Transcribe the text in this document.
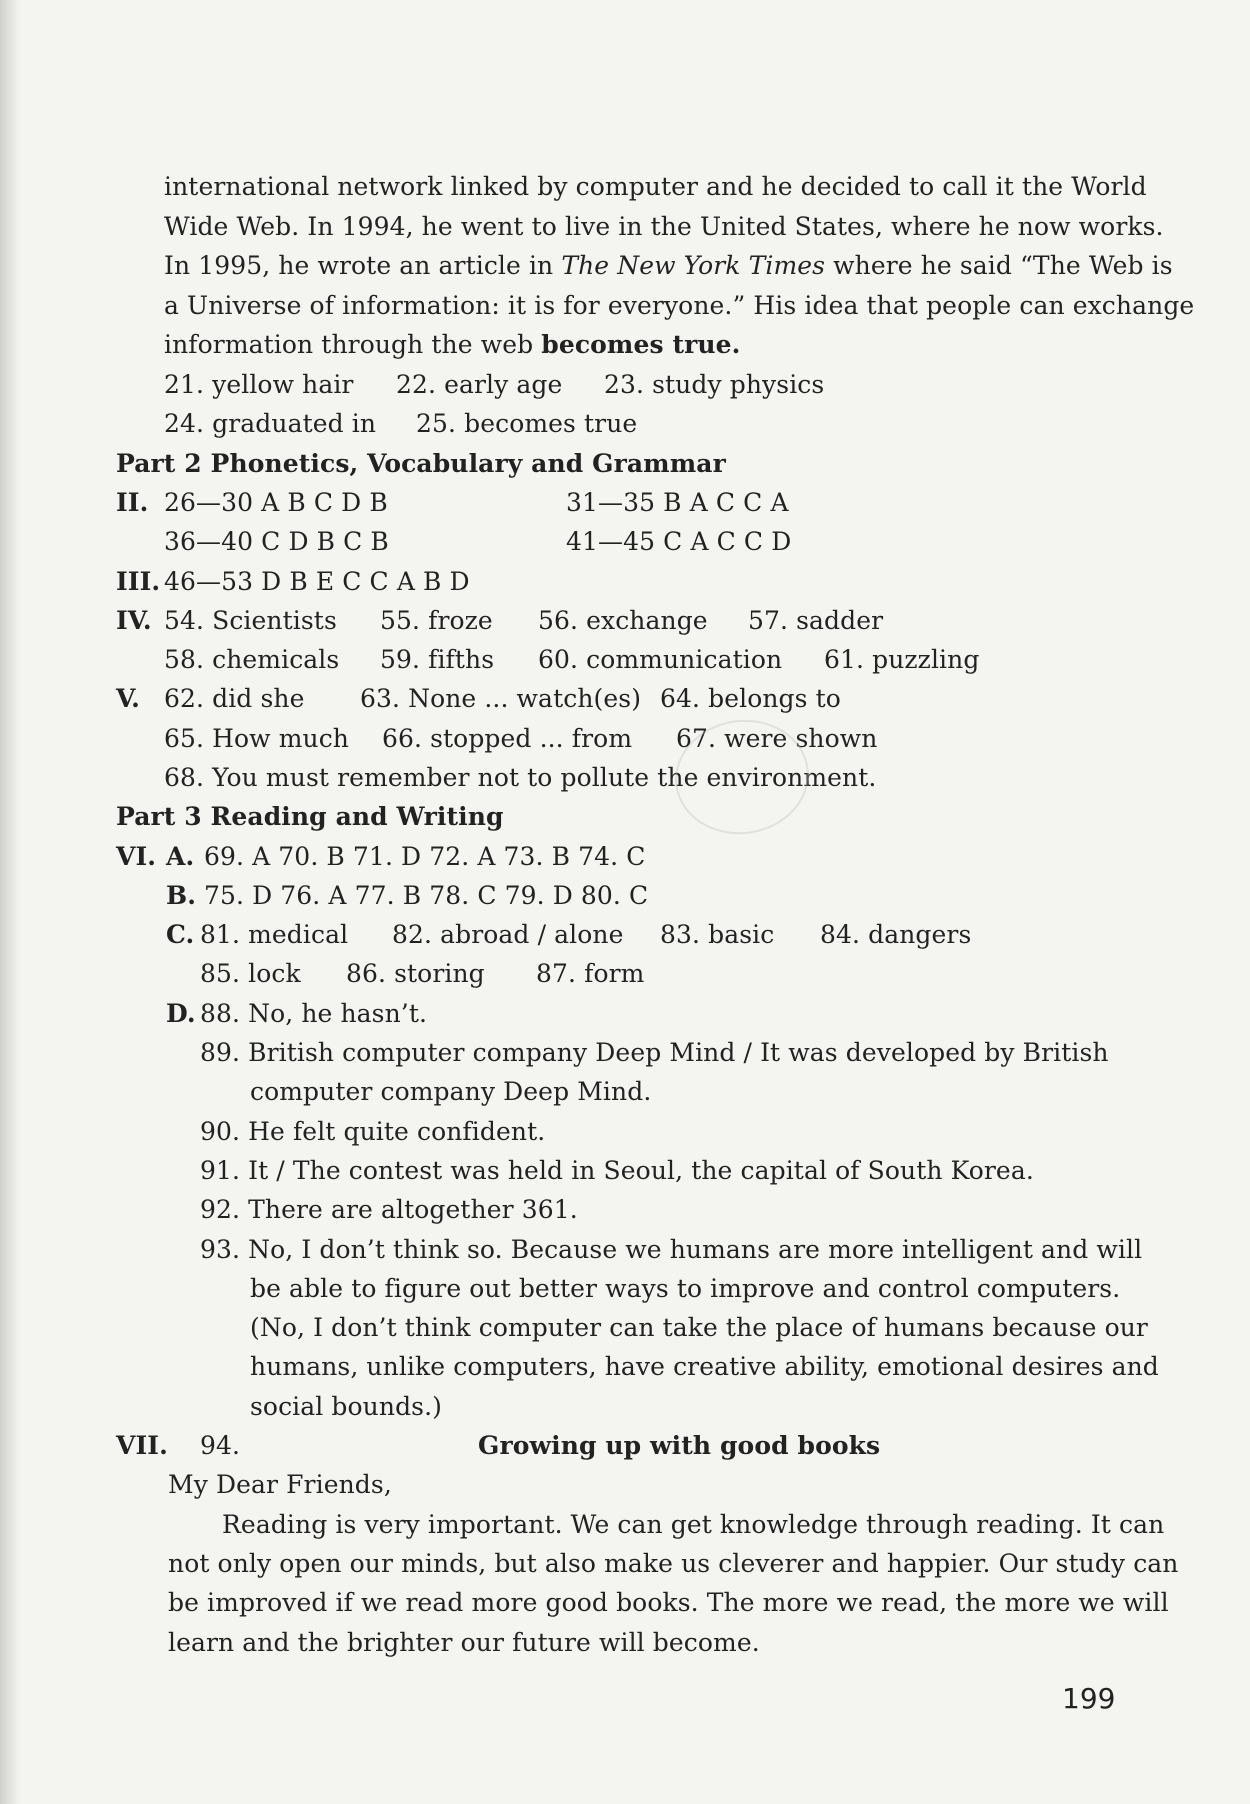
international network linked by computer and he decided to call it the World
Wide Web. In 1994, he went to live in the United States, where he now works.
In 1995, he wrote an article in The New York Times where he said “The Web is
a Universe of information: it is for everyone.” His idea that people can exchange
information through the web becomes true.
21. yellow hair 22. early age 23. study physics
24. graduated in 25. becomes true
Part 2 Phonetics, Vocabulary and Grammar
II. 26—30 A B C D B	31—35 B A C C A
36—40 C D B C B	41—45 C A C C D
III. 46—53 D B E C C A B D
IV. 54. Scientists 55. froze 56. exchange 57. sadder
58. chemicals 59. fifths 60. communication 61. puzzling
V. 62. did she 63. None ... watch(es) 64. belongs to
65. How much 66. stopped ... from 67. were shown
68. You must remember not to pollute the environment.
Part 3 Reading and Writing
VI. A. 69. A 70. B 71. D 72. A 73. B 74. C
B. 75. D 76. A 77. B 78. C 79. D 80. C
C. 81. medical 82. abroad / alone 83. basic 84. dangers
85. lock 86. storing 87. form
D. 88. No, he hasn’t.
89. British computer company Deep Mind / It was developed by British
computer company Deep Mind.
90. He felt quite confident.
91. It / The contest was held in Seoul, the capital of South Korea.
92. There are altogether 361.
93. No, I don’t think so. Because we humans are more intelligent and will
be able to figure out better ways to improve and control computers.
(No, I don’t think computer can take the place of humans because our
humans, unlike computers, have creative ability, emotional desires and
social bounds.)
VII. 94.	Growing up with good books
My Dear Friends,
Reading is very important. We can get knowledge through reading. It can
not only open our minds, but also make us cleverer and happier. Our study can
be improved if we read more good books. The more we read, the more we will
learn and the brighter our future will become.
199
